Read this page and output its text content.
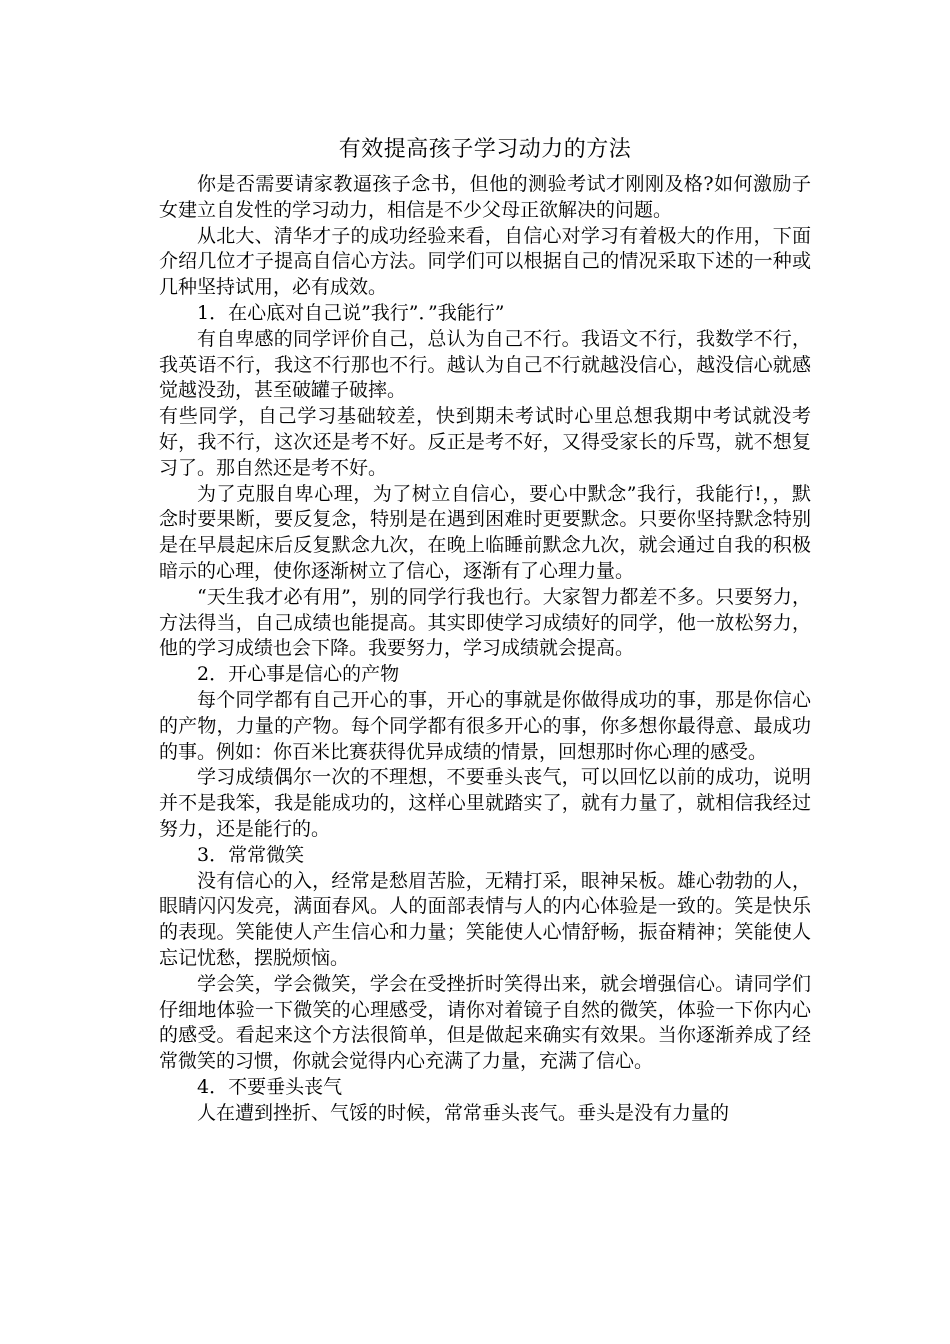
有效提高孩子学习动力的方法

你是否需要请家教逼孩子念书，但他的测验考试才刚刚及格?如何激励子女建立自发性的学习动力，相信是不少父母正欲解决的问题。

从北大、清华才子的成功经验来看，自信心对学习有着极大的作用，下面介绍几位才子提高自信心方法。同学们可以根据自己的情况采取下述的一种或几种坚持试用，必有成效。

1．在心底对自己说”我行”．”我能行”

有自卑感的同学评价自己，总认为自己不行。我语文不行，我数学不行，我英语不行，我这不行那也不行。越认为自己不行就越没信心，越没信心就感觉越没劲，甚至破罐子破摔。

有些同学，自己学习基础较差，快到期未考试时心里总想我期中考试就没考好，我不行，这次还是考不好。反正是考不好，又得受家长的斥骂，就不想复习了。那自然还是考不好。

为了克服自卑心理，为了树立自信心，要心中默念”我行，我能行!，，默念时要果断，要反复念，特别是在遇到困难时更要默念。只要你坚持默念特别是在早晨起床后反复默念九次，在晚上临睡前默念九次，就会通过自我的积极暗示的心理，使你逐渐树立了信心，逐渐有了心理力量。

“天生我才必有用”，别的同学行我也行。大家智力都差不多。只要努力，方法得当，自己成绩也能提高。其实即使学习成绩好的同学，他一放松努力，他的学习成绩也会下降。我要努力，学习成绩就会提高。

2．开心事是信心的产物

每个同学都有自己开心的事，开心的事就是你做得成功的事，那是你信心的产物，力量的产物。每个同学都有很多开心的事，你多想你最得意、最成功的事。例如：你百米比赛获得优异成绩的情景，回想那时你心理的感受。

学习成绩偶尔一次的不理想，不要垂头丧气，可以回忆以前的成功，说明并不是我笨，我是能成功的，这样心里就踏实了，就有力量了，就相信我经过努力，还是能行的。

3．常常微笑

没有信心的入，经常是愁眉苦脸，无精打采，眼神呆板。雄心勃勃的人，眼睛闪闪发亮，满面春风。人的面部表情与人的内心体验是一致的。笑是快乐的表现。笑能使人产生信心和力量；笑能使人心情舒畅，振奋精神；笑能使人忘记忧愁，摆脱烦恼。

学会笑，学会微笑，学会在受挫折时笑得出来，就会增强信心。请同学们仔细地体验一下微笑的心理感受，请你对着镜子自然的微笑，体验一下你内心的感受。看起来这个方法很简单，但是做起来确实有效果。当你逐渐养成了经常微笑的习惯，你就会觉得内心充满了力量，充满了信心。

4．不要垂头丧气

人在遭到挫折、气馁的时候，常常垂头丧气。垂头是没有力量的
